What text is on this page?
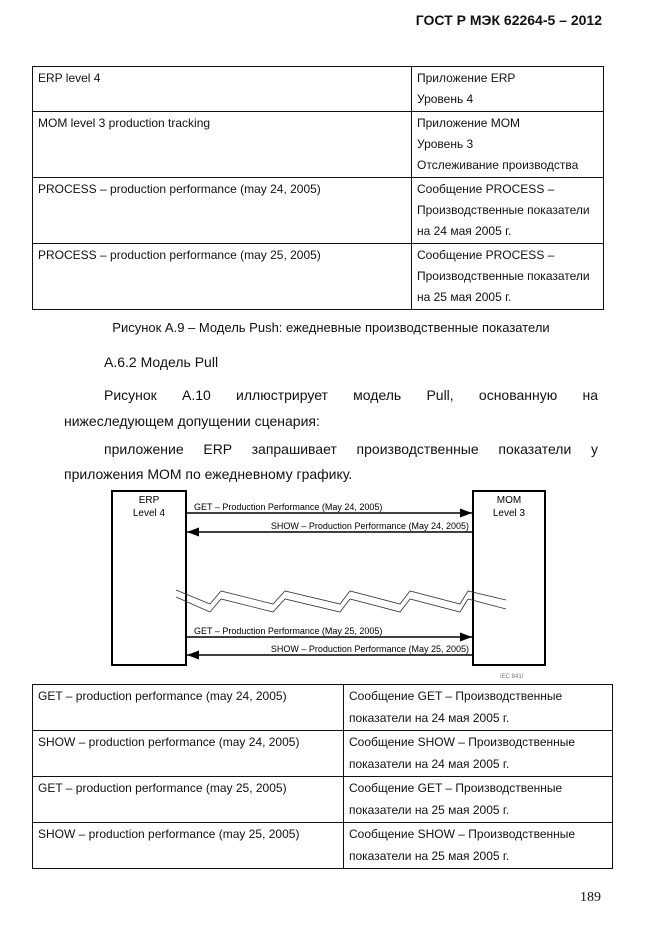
ГОСТ Р МЭК 62264-5 – 2012
ERP level 4	Приложение ERP
Уровень 4

MOM level 3 production tracking	Приложение MOM
Уровень 3
Отслеживание производства

PROCESS – production performance (may 24, 2005)	Сообщение PROCESS –
Производственные показатели
на 24 мая 2005 г.

PROCESS – production performance (may 25, 2005)	Сообщение PROCESS –
Производственные показатели
на 25 мая 2005 г.
Рисунок А.9 – Модель Push: ежедневные производственные показатели
А.6.2 Модель Pull
Рисунок А.10 иллюстрирует модель Pull, основанную на
нижеследующем допущении сценария:
приложение ERP запрашивает производственные показатели у
приложения MOM по ежедневному графику.
ERP
Level 4
MOM
Level 3
GET – Production Performance (May 24, 2005)
SHOW – Production Performance (May 24, 2005)
GET – Production Performance (May 25, 2005)
SHOW – Production Performance (May 25, 2005)
IEC 841/
GET – production performance (may 24, 2005)	Сообщение GET – Производственные
показатели на 24 мая 2005 г.

SHOW – production performance (may 24, 2005)	Сообщение SHOW – Производственные
показатели на 24 мая 2005 г.

GET – production performance (may 25, 2005)	Сообщение GET – Производственные
показатели на 25 мая 2005 г.

SHOW – production performance (may 25, 2005)	Сообщение SHOW – Производственные
показатели на 25 мая 2005 г.
189
